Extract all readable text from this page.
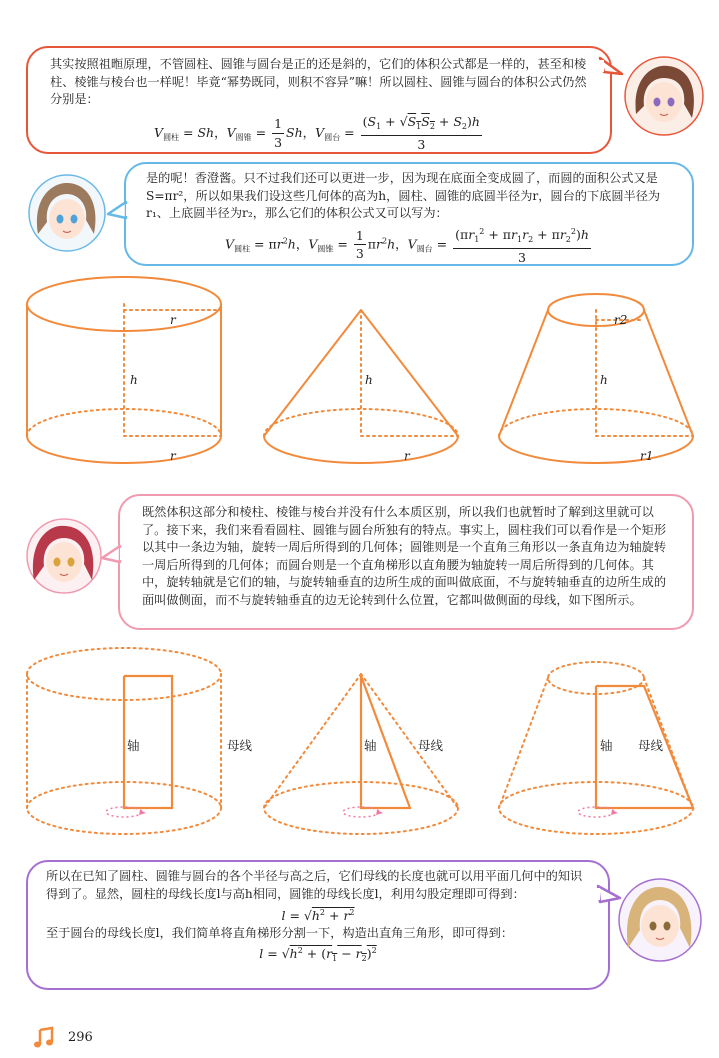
其实按照祖暅原理，不管圆柱、圆锥与圆台是正的还是斜的，它们的体积公式都是一样的，甚至和棱柱、棱锥与棱台也一样呢！毕竟“幂势既同，则积不容异”嘛！所以圆柱、圆锥与圆台的体积公式仍然分别是：

$V_{圆柱} = Sh$，$V_{圆锥} = \frac{1}{3}$ Sh，$V_{圆台} = \frac{(S_1 + √S_1S_2 + S_2)h}{3}$

是的呢！香澄酱。只不过我们还可以更进一步，因为现在底面全变成圆了，而圆的面积公式又是S=πr²，所以如果我们设这些几何体的高为h，圆柱、圆锥的底圆半径为r，圆台的下底圆半径为r₁、上底圆半径为r₂，那么它们的体积公式又可以写为：

$V_{圆柱} = \pi r^2h$，$V_{圆锥} = \frac{1}{3} \pi r^2h$，$V_{圆台} = \frac{(\pi r_1^2 + \pi r_1r_2 + \pi r_2^2)h}{3}$
r
h
r
h
r
r2
h
r1

既然体积这部分和棱柱、棱锥与棱台并没有什么本质区别，所以我们也就暂时了解到这里就可以了。接下来，我们来看看圆柱、圆锥与圆台所独有的特点。事实上，圆柱我们可以看作是一个矩形以其中一条边为轴，旋转一周后所得到的几何体；圆锥则是一个直角三角形以一条直角边为轴旋转一周后所得到的几何体；而圆台则是一个直角梯形以直角腰为轴旋转一周后所得到的几何体。其中，旋转轴就是它们的轴，与旋转轴垂直的边所生成的面叫做底面，不与旋转轴垂直的边所生成的面叫做侧面，而不与旋转轴垂直的边无论转到什么位置，它都叫做侧面的母线，如下图所示。

轴	母线	轴	母线	轴 母线

所以在已知了圆柱、圆锥与圆台的各个半径与高之后，它们母线的长度也就可以用平面几何中的知识得到了。显然，圆柱的母线长度l与高h相同，圆锥的母线长度l，利用勾股定理即可得到：

$l = √h^2 + r^2$

至于圆台的母线长度l，我们简单将直角梯形分割一下，构造出直角三角形，即可得到：

$l = √h^2 + (r_1 - r_2)^2$
296
